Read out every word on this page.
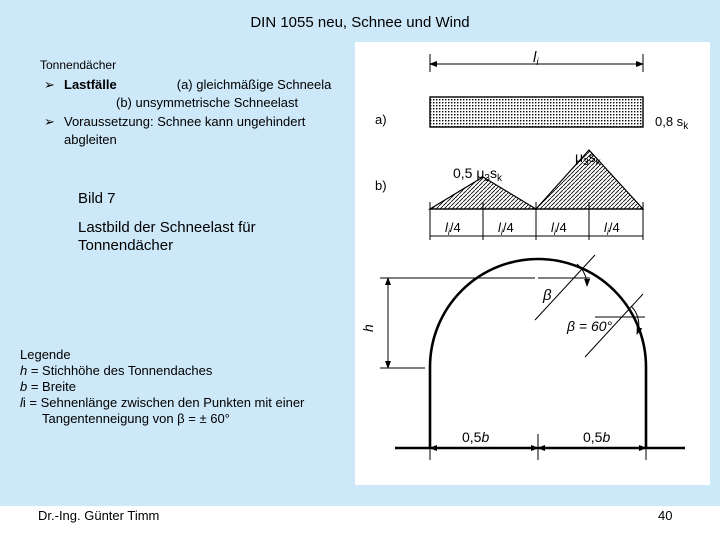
DIN 1055 neu, Schnee und Wind
Tonnendächer
➢ Lastfälle	(a) gleichmäßige Schneela
(b) unsymmetrische Schneelast
➢ Voraussetzung: Schnee kann ungehindert
abgleiten
Bild 7
Lastbild der Schneelast für
Tonnendächer
Legende
h = Stichhöhe des Tonnendaches
b = Breite
li = Sehnenlänge zwischen den Punkten mit einer
Tangentenneigung von β = ± 60°
$l_i$
a)	0,8 $s_k$
b)
0,5 $\mu_3s_k$
$\mu_3s_k$
$l_i/4$	$l_i/4$	$l_i/4$	$l_i/4$
h
β
β = 60°
0,5b	0,5b
Dr.-Ing. Günter Timm	40
